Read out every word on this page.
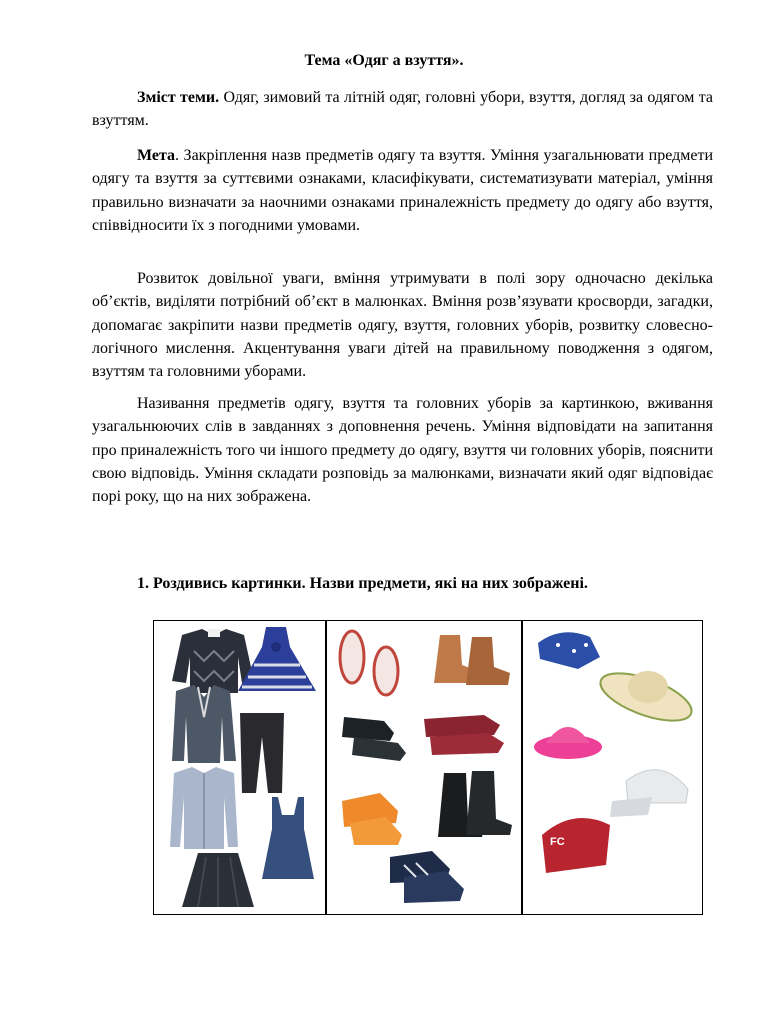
Тема «Одяг а взуття».

Зміст теми. Одяг, зимовий та літній одяг, головні убори, взуття, догляд за одягом та взуттям.

Мета. Закріплення назв предметів одягу та взуття. Уміння узагальнювати предмети одягу та взуття за суттєвими ознаками, класифікувати, систематизувати матеріал, уміння правильно визначати за наочними ознаками приналежність предмету до одягу або взуття, співвідносити їх з погодними умовами.

Розвиток довільної уваги, вміння утримувати в полі зору одночасно декілька об’єктів, виділяти потрібний об’єкт в малюнках. Вміння розв’язувати кросворди, загадки, допомагає закріпити назви предметів одягу, взуття, головних уборів, розвитку словесно-логічного мислення. Акцентування уваги дітей на правильному поводження з одягом, взуттям та головними уборами.

Називання предметів одягу, взуття та головних уборів за картинкою, вживання узагальнюючих слів в завданнях з доповнення речень. Уміння відповідати на запитання про приналежність того чи іншого предмету до одягу, взуття чи головних уборів, пояснити свою відповідь. Уміння складати розповідь за малюнками, визначати який одяг відповідає порі року, що на них зображена.

1. Роздивись картинки. Назви предмети, які на них зображені.
FC
